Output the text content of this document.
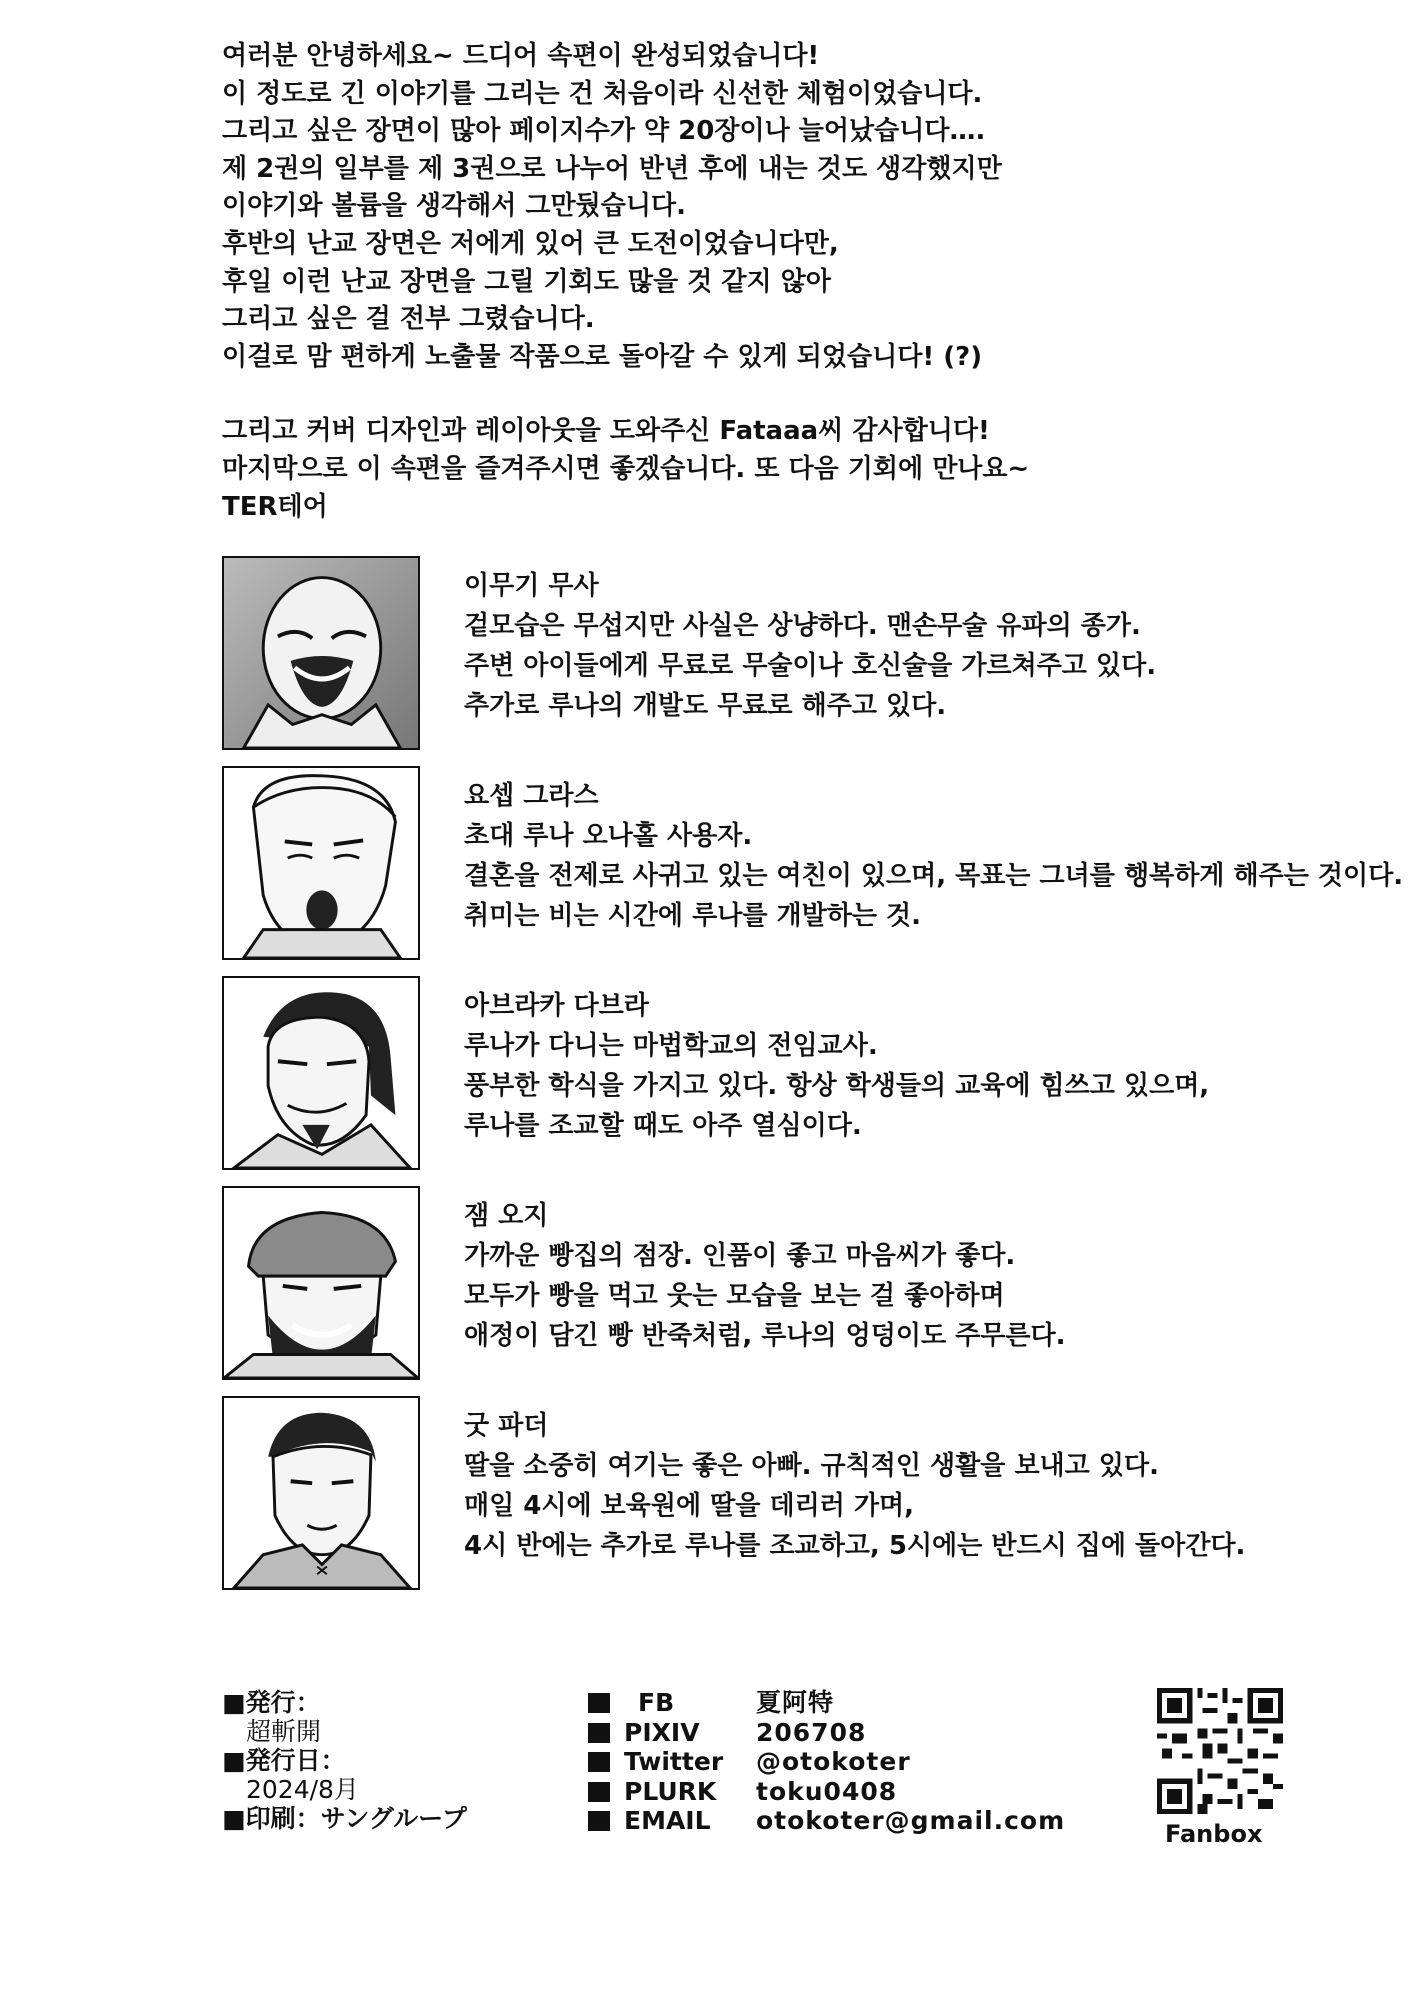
여러분 안녕하세요~ 드디어 속편이 완성되었습니다!

이 정도로 긴 이야기를 그리는 건 처음이라 신선한 체험이었습니다.

그리고 싶은 장면이 많아 페이지수가 약 20장이나 늘어났습니다….

제 2권의 일부를 제 3권으로 나누어 반년 후에 내는 것도 생각했지만

이야기와 볼륨을 생각해서 그만뒀습니다.

후반의 난교 장면은 저에게 있어 큰 도전이었습니다만,

후일 이런 난교 장면을 그릴 기회도 많을 것 같지 않아

그리고 싶은 걸 전부 그렸습니다.

이걸로 맘 편하게 노출물 작품으로 돌아갈 수 있게 되었습니다! (?)

그리고 커버 디자인과 레이아웃을 도와주신 Fataaa씨 감사합니다!

마지막으로 이 속편을 즐겨주시면 좋겠습니다. 또 다음 기회에 만나요~

TER테어

이무기 무사
겉모습은 무섭지만 사실은 상냥하다. 맨손무술 유파의 종가.
주변 아이들에게 무료로 무술이나 호신술을 가르쳐주고 있다.
추가로 루나의 개발도 무료로 해주고 있다.
요셉 그라스
초대 루나 오나홀 사용자.
결혼을 전제로 사귀고 있는 여친이 있으며, 목표는 그녀를 행복하게 해주는 것이다.
취미는 비는 시간에 루나를 개발하는 것.
아브라카 다브라
루나가 다니는 마법학교의 전임교사.
풍부한 학식을 가지고 있다. 항상 학생들의 교육에 힘쓰고 있으며,
루나를 조교할 때도 아주 열심이다.
잼 오지
가까운 빵집의 점장. 인품이 좋고 마음씨가 좋다.
모두가 빵을 먹고 웃는 모습을 보는 걸 좋아하며
애정이 담긴 빵 반죽처럼, 루나의 엉덩이도 주무른다.
굿 파더
딸을 소중히 여기는 좋은 아빠. 규칙적인 생활을 보내고 있다.
매일 4시에 보육원에 딸을 데리러 가며,
4시 반에는 추가로 루나를 조교하고, 5시에는 반드시 집에 돌아간다.
■発行：
超斬開
■発行日：
2024/8月
■印刷：サングループ
FB	夏阿特
PIXIV	206708
Twitter	@otokoter
PLURK	toku0408
EMAIL	otokoter@gmail.com	Fanbox
